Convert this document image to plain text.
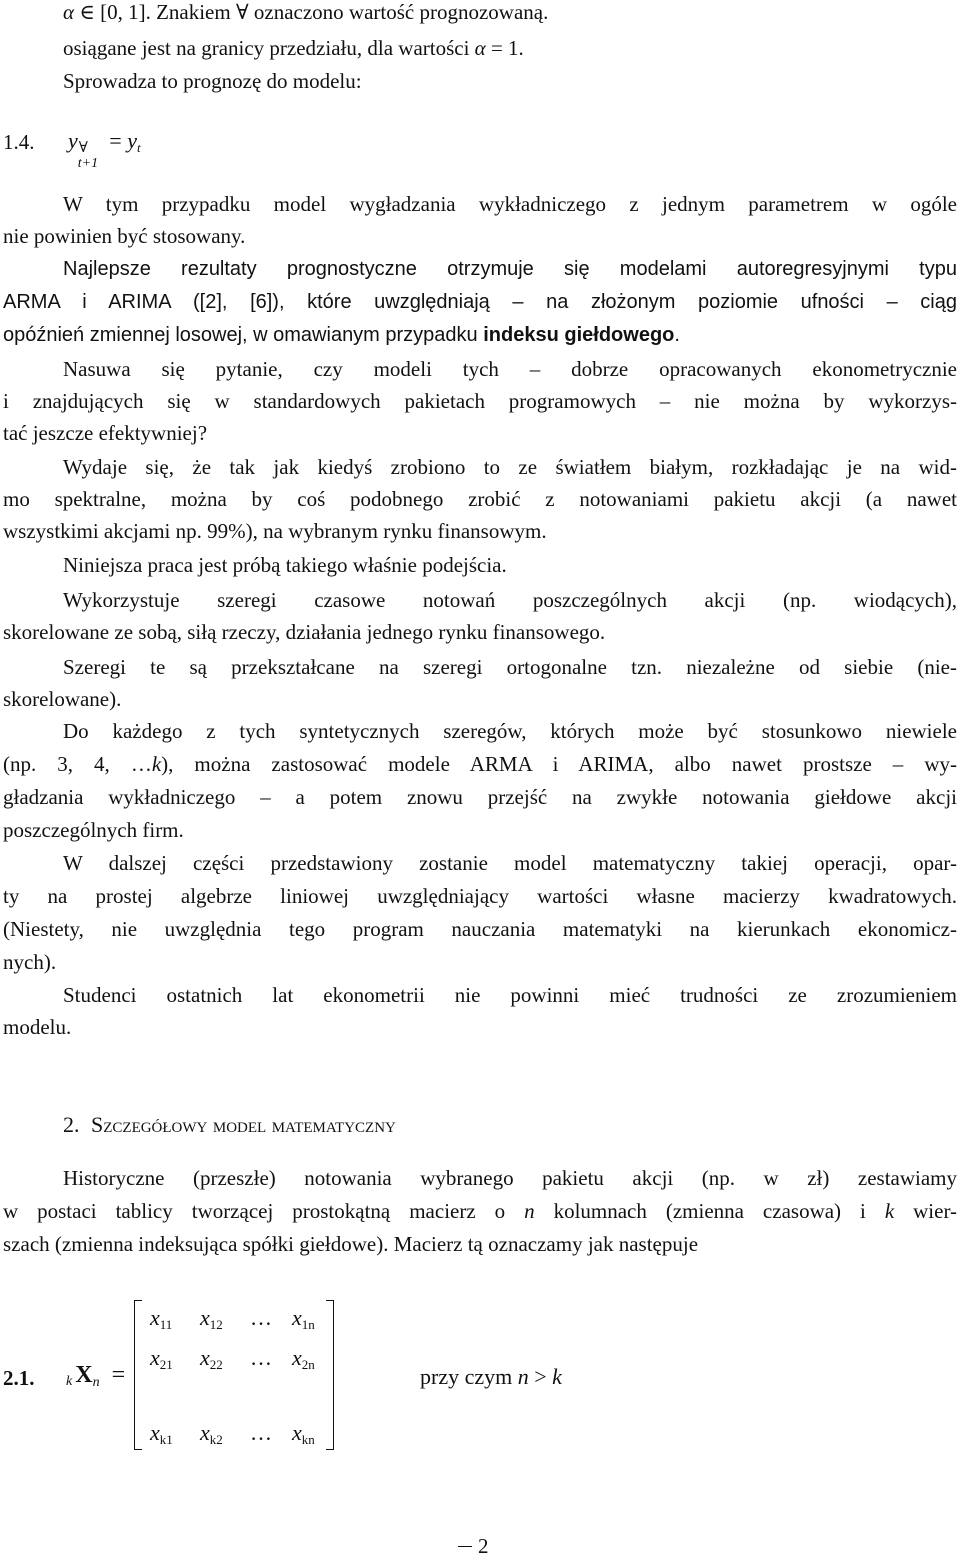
α ∈ [0, 1]. Znakiem ∀ oznaczono wartość prognozowaną.
osiągane jest na granicy przedziału, dla wartości α = 1.
Sprowadza to prognozę do modelu:
1.4. y ∀
t+1
= $y_t$
W tym przypadku model wygładzania wykładniczego z jednym parametrem w ogóle
nie powinien być stosowany.
Najlepsze rezultaty prognostyczne otrzymuje się modelami autoregresyjnymi typu
ARMA i ARIMA ([2], [6]), które uwzględniają – na złożonym poziomie ufności – ciąg
opóźnień zmiennej losowej, w omawianym przypadku indeksu giełdowego.
Nasuwa się pytanie, czy modeli tych – dobrze opracowanych ekonometrycznie
i znajdujących się w standardowych pakietach programowych – nie można by wykorzys-
tać jeszcze efektywniej?
Wydaje się, że tak jak kiedyś zrobiono to ze światłem białym, rozkładając je na wid-
mo spektralne, można by coś podobnego zrobić z notowaniami pakietu akcji (a nawet
wszystkimi akcjami np. 99%), na wybranym rynku finansowym.
Niniejsza praca jest próbą takiego właśnie podejścia.
Wykorzystuje szeregi czasowe notowań poszczególnych akcji (np. wiodących),
skorelowane ze sobą, siłą rzeczy, działania jednego rynku finansowego.
Szeregi te są przekształcane na szeregi ortogonalne tzn. niezależne od siebie (nie-
skorelowane).
Do każdego z tych syntetycznych szeregów, których może być stosunkowo niewiele
(np. 3, 4, …k), można zastosować modele ARMA i ARIMA, albo nawet prostsze – wy-
gładzania wykładniczego – a potem znowu przejść na zwykłe notowania giełdowe akcji
poszczególnych firm.
W dalszej części przedstawiony zostanie model matematyczny takiej operacji, opar-
ty na prostej algebrze liniowej uwzględniający wartości własne macierzy kwadratowych.
(Niestety, nie uwzględnia tego program nauczania matematyki na kierunkach ekonomicz-
nych).
Studenci ostatnich lat ekonometrii nie powinni mieć trudności ze zrozumieniem
modelu.
2. Szczegółowy model matematyczny
Historyczne (przeszłe) notowania wybranego pakietu akcji (np. w zł) zestawiamy
w postaci tablicy tworzącej prostokątną macierz o n kolumnach (zmienna czasowa) i k wier-
szach (zmienna indeksująca spółki giełdowe). Macierz tą oznaczamy jak następuje
2.1. k $X_n$ =
$x_{11}$ $x_{12}$ … $x_{1n}$
$x_{21}$ $x_{22}$ … $x_{2n}$
$x_{k1}$ $x_{k2}$ … $x_{kn}$
przy czym n > k
2
